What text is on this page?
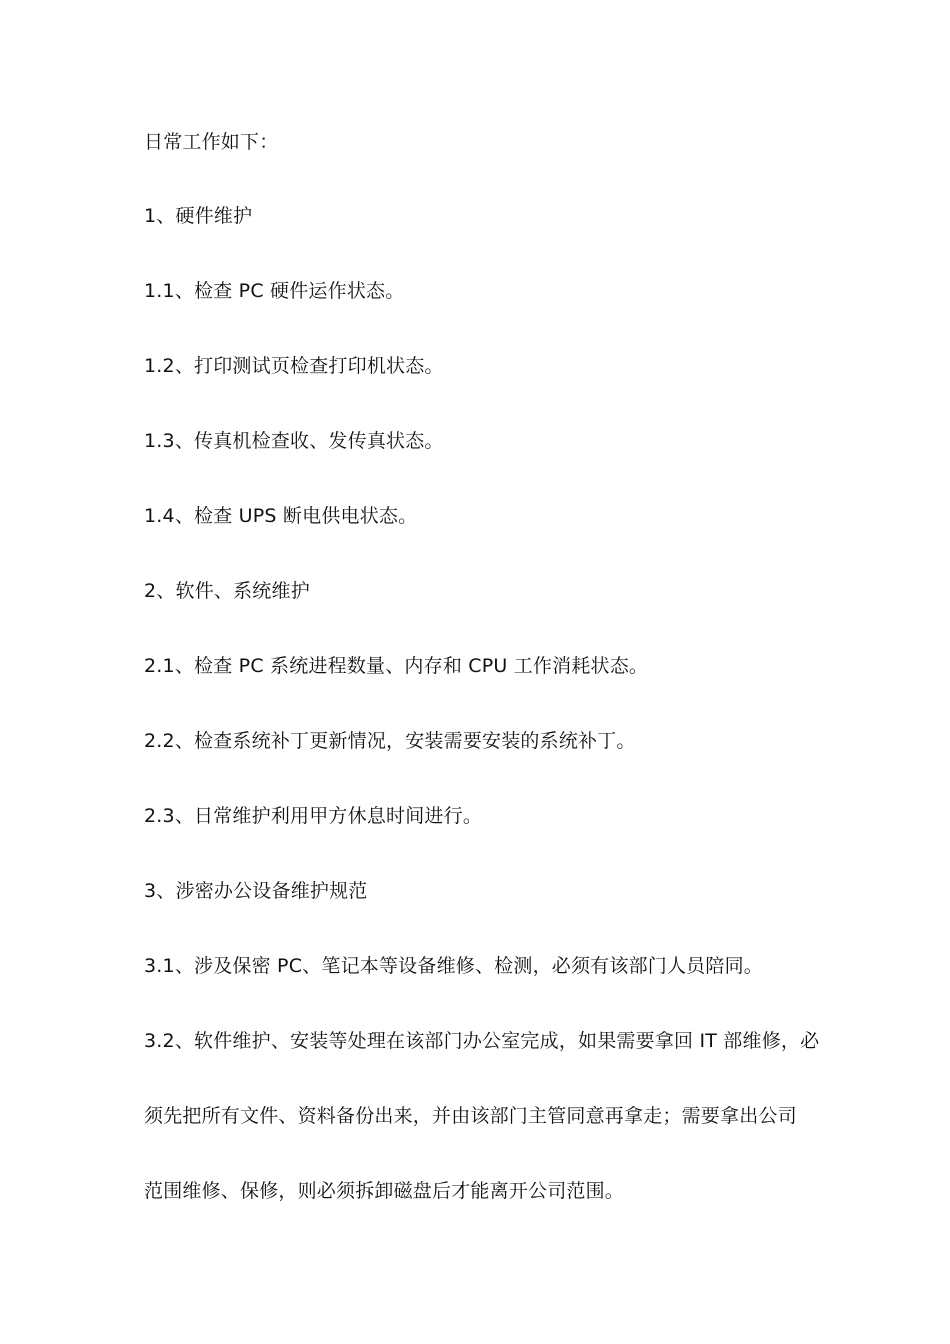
日常工作如下：
1、硬件维护
1.1、检查 PC 硬件运作状态。
1.2、打印测试页检查打印机状态。
1.3、传真机检查收、发传真状态。
1.4、检查 UPS 断电供电状态。
2、软件、系统维护
2.1、检查 PC 系统进程数量、内存和 CPU 工作消耗状态。
2.2、检查系统补丁更新情况，安装需要安装的系统补丁。
2.3、日常维护利用甲方休息时间进行。
3、涉密办公设备维护规范
3.1、涉及保密 PC、笔记本等设备维修、检测，必须有该部门人员陪同。
3.2、软件维护、安装等处理在该部门办公室完成，如果需要拿回 IT 部维修，必
须先把所有文件、资料备份出来，并由该部门主管同意再拿走；需要拿出公司
范围维修、保修，则必须拆卸磁盘后才能离开公司范围。
